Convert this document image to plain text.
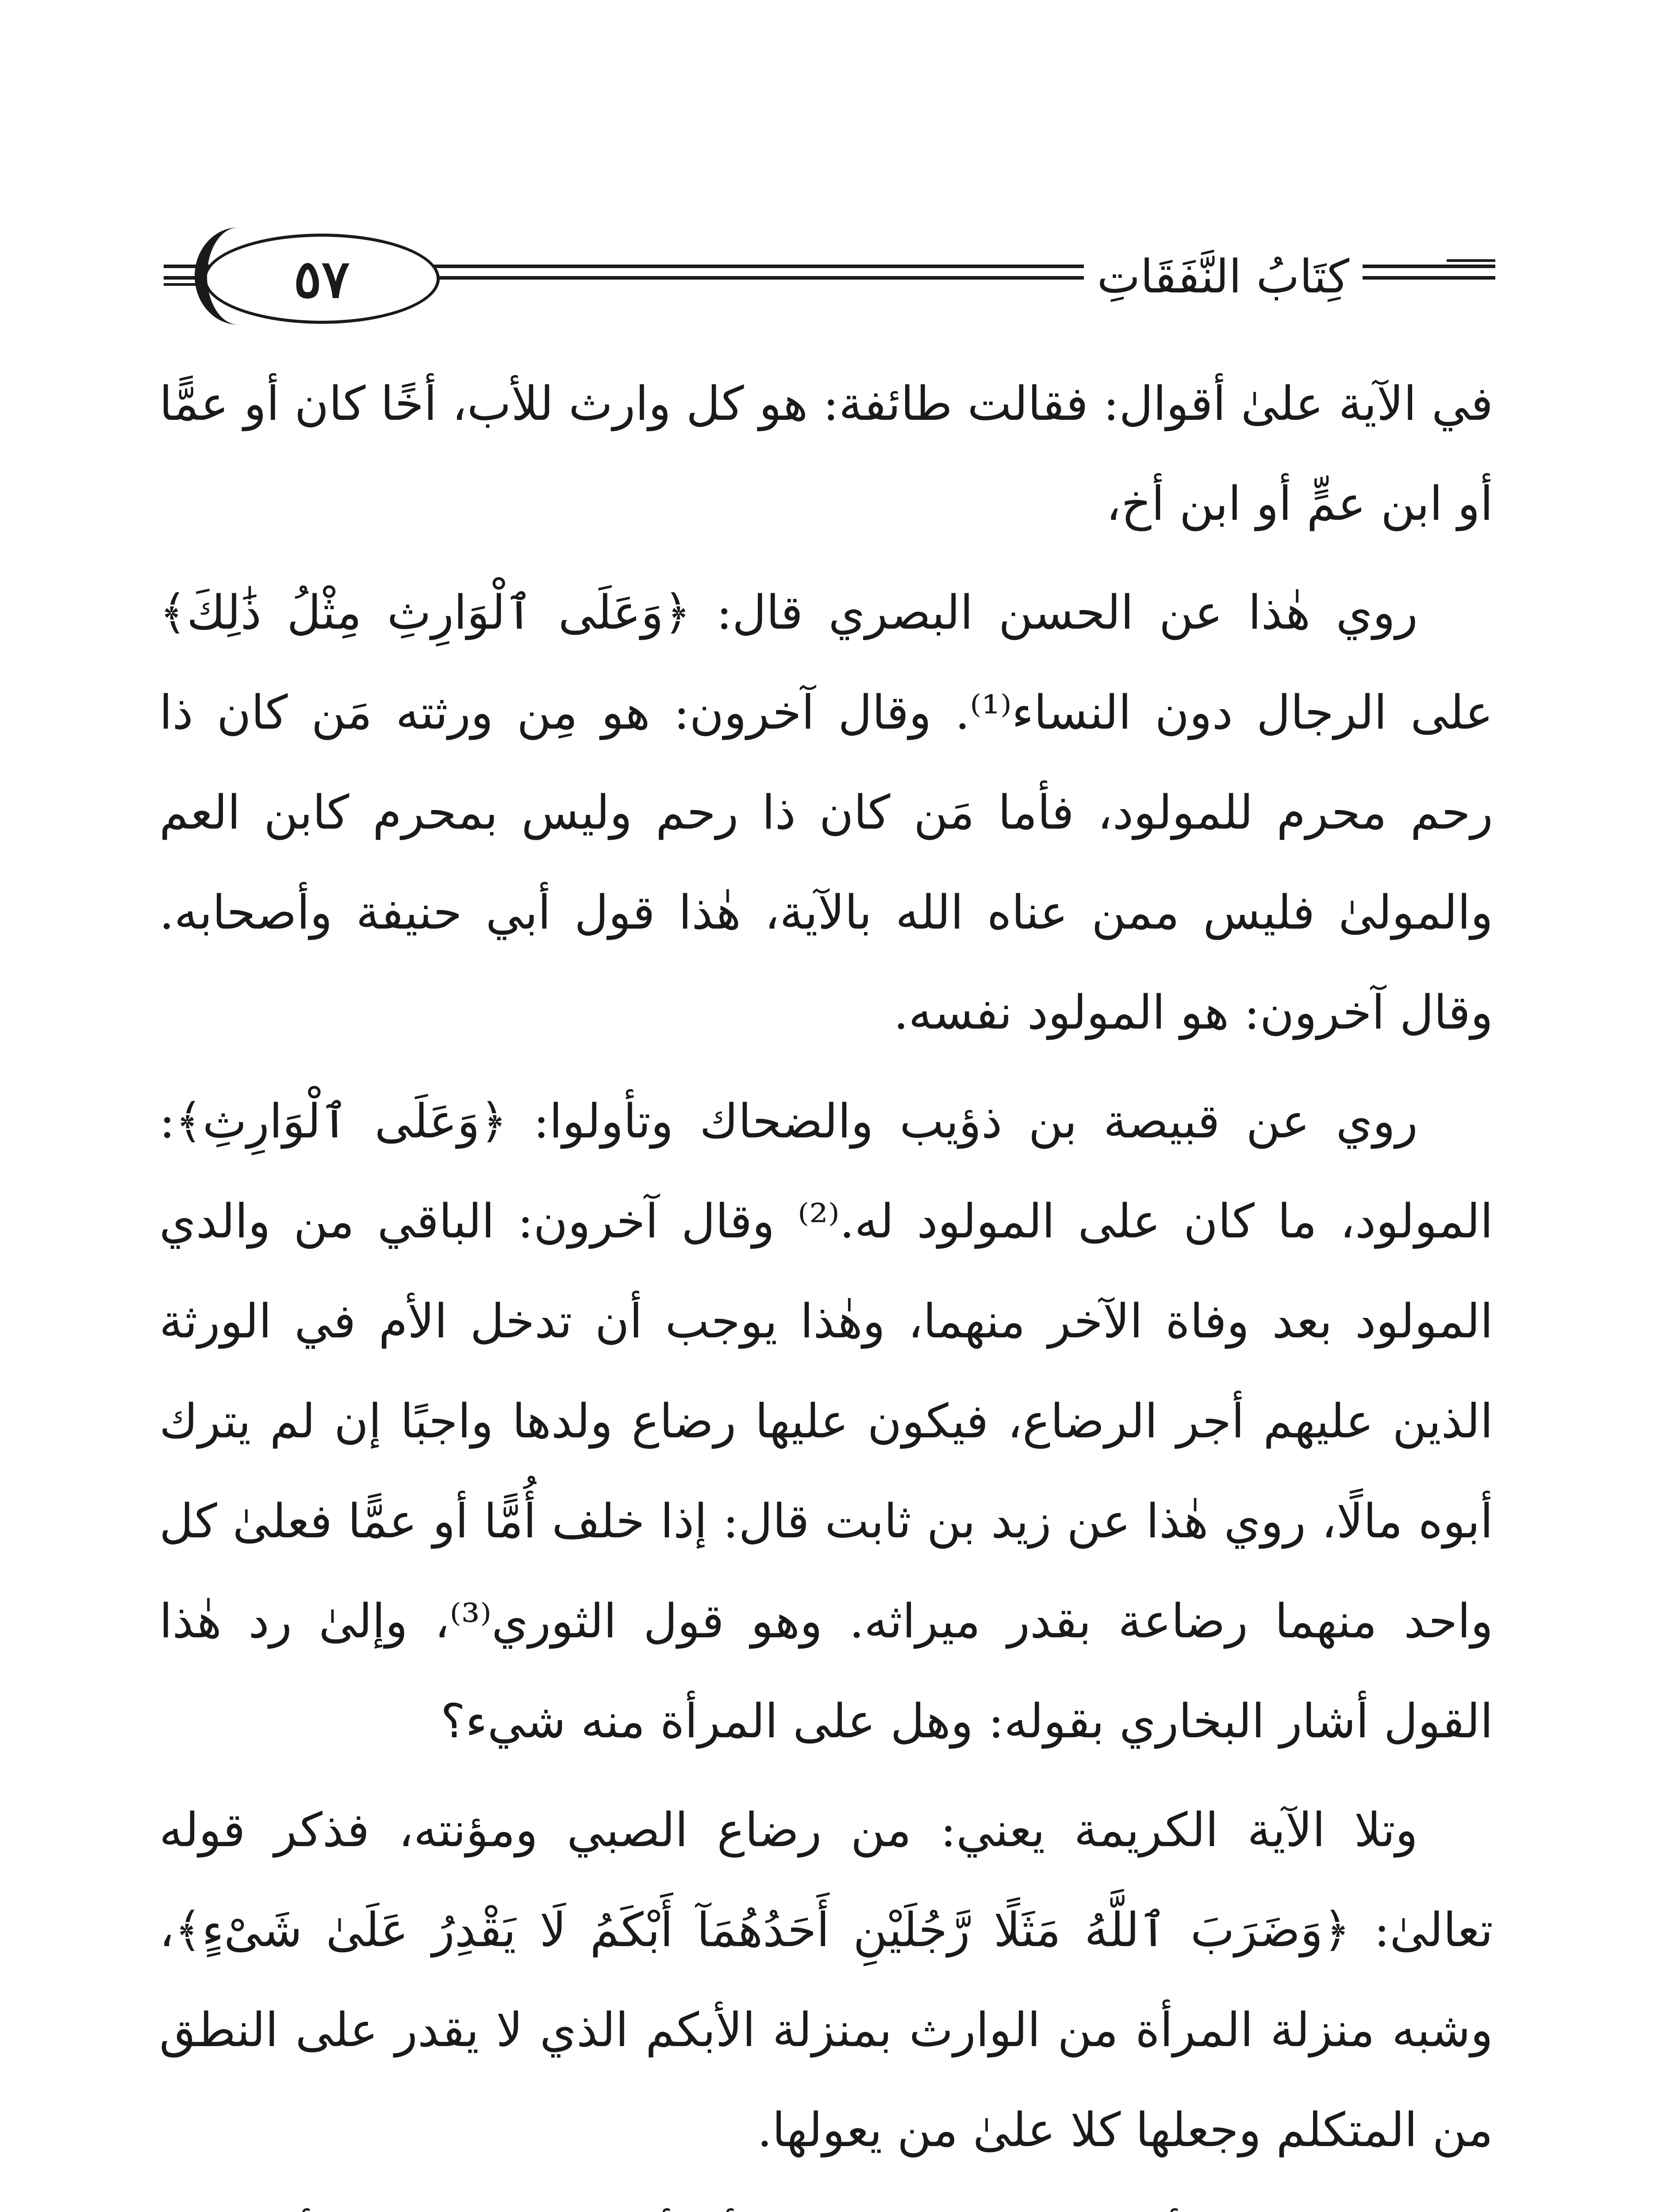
كِتَابُ النَّفَقَاتِ
٥٧

في الآية علىٰ أقوال: فقالت طائفة: هو كل وارث للأب، أخًا كان أو عمًّا أو ابن عمٍّ أو ابن أخ،

روي هٰذا عن الحسن البصري قال: ﴿وَعَلَى ٱلْوَارِثِ مِثْلُ ذَٰلِكَ﴾ على الرجال دون النساء⁽¹⁾. وقال آخرون: هو مِن ورثته مَن كان ذا رحم محرم للمولود، فأما مَن كان ذا رحم وليس بمحرم كابن العم والمولىٰ فليس ممن عناه الله بالآية، هٰذا قول أبي حنيفة وأصحابه. وقال آخرون: هو المولود نفسه.

روي عن قبيصة بن ذؤيب والضحاك وتأولوا: ﴿وَعَلَى ٱلْوَارِثِ﴾: المولود، ما كان على المولود له.⁽²⁾ وقال آخرون: الباقي من والدي المولود بعد وفاة الآخر منهما، وهٰذا يوجب أن تدخل الأم في الورثة الذين عليهم أجر الرضاع، فيكون عليها رضاع ولدها واجبًا إن لم يترك أبوه مالًا، روي هٰذا عن زيد بن ثابت قال: إذا خلف أُمًّا أو عمًّا فعلىٰ كل واحد منهما رضاعة بقدر ميراثه. وهو قول الثوري⁽³⁾، وإلىٰ رد هٰذا القول أشار البخاري بقوله: وهل على المرأة منه شيء؟

وتلا الآية الكريمة يعني: من رضاع الصبي ومؤنته، فذكر قوله تعالىٰ: ﴿وَضَرَبَ ٱللَّهُ مَثَلًا رَّجُلَيْنِ أَحَدُهُمَآ أَبْكَمُ لَا يَقْدِرُ عَلَىٰ شَىْءٍ﴾، وشبه منزلة المرأة من الوارث بمنزلة الأبكم الذي لا يقدر على النطق من المتكلم وجعلها كلا علىٰ من يعولها.
